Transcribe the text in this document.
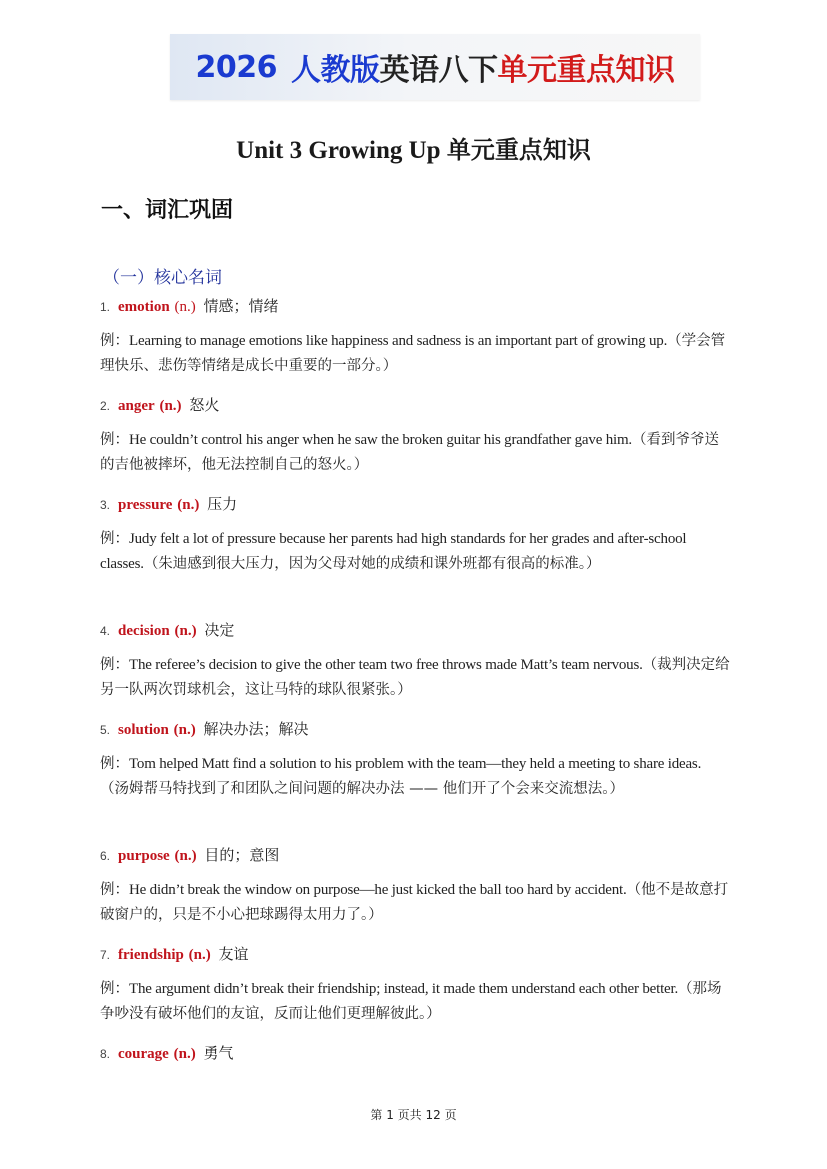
2026 人教版 英语八下 单元重点知识
Unit 3 Growing Up 单元重点知识
一、词汇巩固
（一）核心名词
1. emotion (n.) 情感；情绪
例：Learning to manage emotions like happiness and sadness is an important part of growing up.（学会管理快乐、悲伤等情绪是成长中重要的一部分。）
2. anger (n.) 怒火
例：He couldn’t control his anger when he saw the broken guitar his grandfather gave him.（看到爷爷送的吉他被摔坏，他无法控制自己的怒火。）
3. pressure (n.) 压力
例：Judy felt a lot of pressure because her parents had high standards for her grades and after-school classes.（朱迪感到很大压力，因为父母对她的成绩和课外班都有很高的标准。）
4. decision (n.) 决定
例：The referee’s decision to give the other team two free throws made Matt’s team nervous.（裁判决定给另一队两次罚球机会，这让马特的球队很紧张。）
5. solution (n.) 解决办法；解决
例：Tom helped Matt find a solution to his problem with the team—they held a meeting to share ideas.（汤姆帮马特找到了和团队之间问题的解决办法 —— 他们开了个会来交流想法。）
6. purpose (n.) 目的；意图
例：He didn’t break the window on purpose—he just kicked the ball too hard by accident.（他不是故意打破窗户的，只是不小心把球踢得太用力了。）
7. friendship (n.) 友谊
例：The argument didn’t break their friendship; instead, it made them understand each other better.（那场争吵没有破坏他们的友谊，反而让他们更理解彼此。）
8. courage (n.) 勇气
第 1 页共 12 页
